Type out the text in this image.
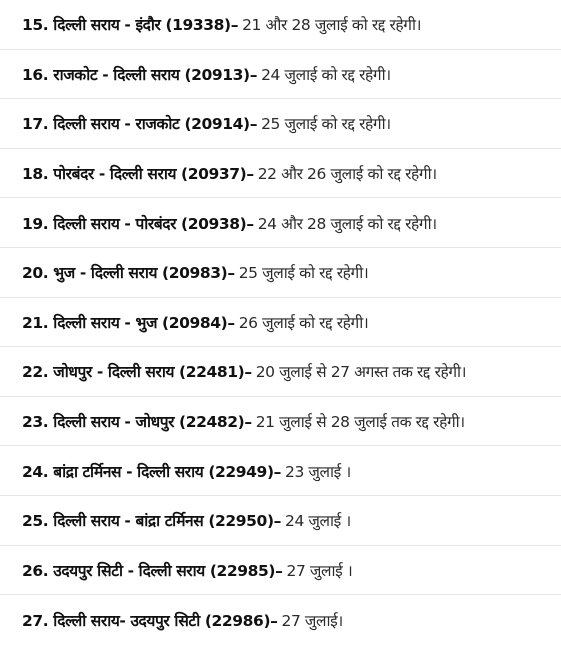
15. दिल्ली सराय - इंदौर (19338)– 21 और 28 जुलाई को रद्द रहेगी।
16. राजकोट - दिल्ली सराय (20913)– 24 जुलाई को रद्द रहेगी।
17. दिल्ली सराय - राजकोट (20914)– 25 जुलाई को रद्द रहेगी।
18. पोरबंदर - दिल्ली सराय (20937)– 22 और 26 जुलाई को रद्द रहेगी।
19. दिल्ली सराय - पोरबंदर (20938)– 24 और 28 जुलाई को रद्द रहेगी।
20. भुज - दिल्ली सराय (20983)– 25 जुलाई को रद्द रहेगी।
21. दिल्ली सराय - भुज (20984)– 26 जुलाई को रद्द रहेगी।
22. जोधपुर - दिल्ली सराय (22481)– 20 जुलाई से 27 अगस्त तक रद्द रहेगी।
23. दिल्ली सराय - जोधपुर (22482)– 21 जुलाई से 28 जुलाई तक रद्द रहेगी।
24. बांद्रा टर्मिनस - दिल्ली सराय (22949)– 23 जुलाई ।
25. दिल्ली सराय - बांद्रा टर्मिनस (22950)– 24 जुलाई ।
26. उदयपुर सिटी - दिल्ली सराय (22985)– 27 जुलाई ।
27. दिल्ली सराय- उदयपुर सिटी (22986)– 27 जुलाई।
